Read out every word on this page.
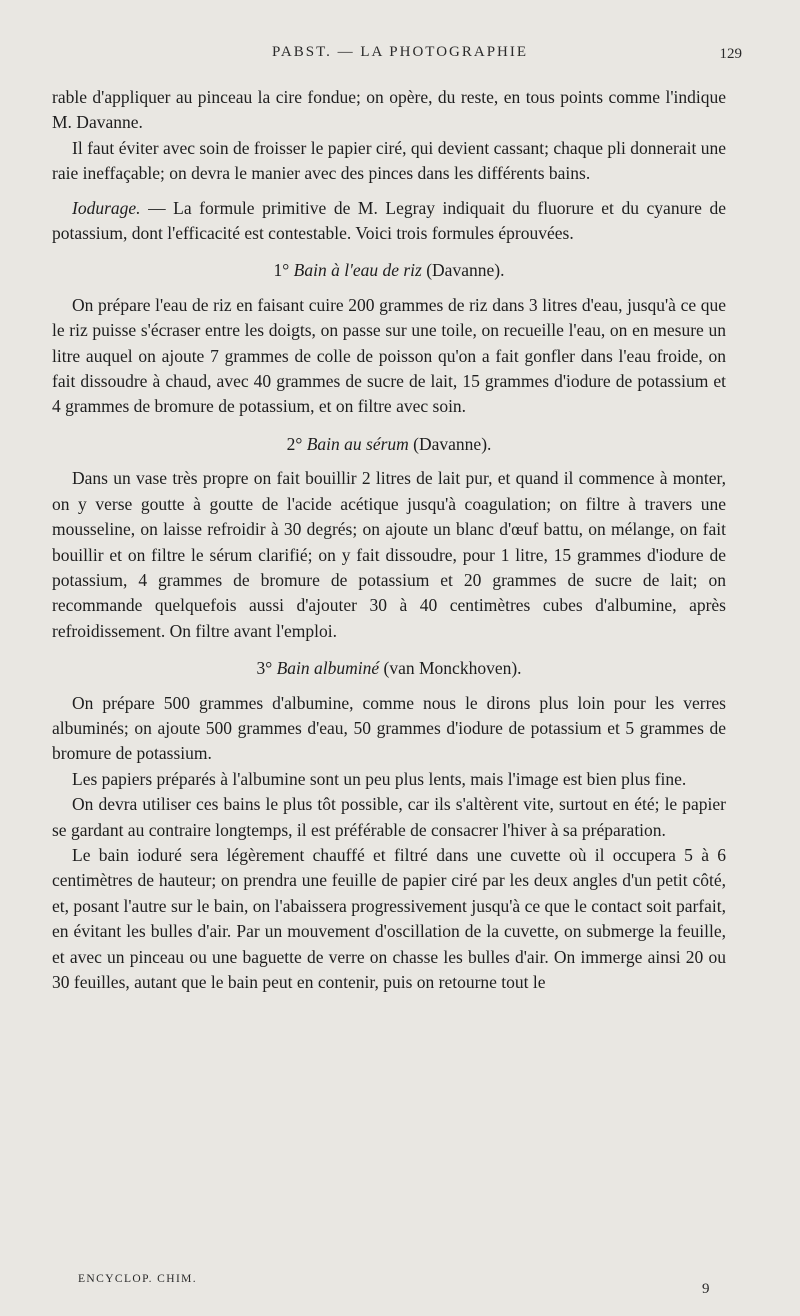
PABST. — LA PHOTOGRAPHIE	129

rable d'appliquer au pinceau la cire fondue; on opère, du reste, en tous points comme l'indique M. Davanne.

Il faut éviter avec soin de froisser le papier ciré, qui devient cassant; chaque pli donnerait une raie ineffaçable; on devra le manier avec des pinces dans les différents bains.

Iodurage. — La formule primitive de M. Legray indiquait du fluorure et du cyanure de potassium, dont l'efficacité est contestable. Voici trois formules éprouvées.

1° Bain à l'eau de riz (Davanne).

On prépare l'eau de riz en faisant cuire 200 grammes de riz dans 3 litres d'eau, jusqu'à ce que le riz puisse s'écraser entre les doigts, on passe sur une toile, on recueille l'eau, on en mesure un litre auquel on ajoute 7 grammes de colle de poisson qu'on a fait gonfler dans l'eau froide, on fait dissoudre à chaud, avec 40 grammes de sucre de lait, 15 grammes d'iodure de potassium et 4 grammes de bromure de potassium, et on filtre avec soin.

2° Bain au sérum (Davanne).

Dans un vase très propre on fait bouillir 2 litres de lait pur, et quand il commence à monter, on y verse goutte à goutte de l'acide acétique jusqu'à coagulation; on filtre à travers une mousseline, on laisse refroidir à 30 degrés; on ajoute un blanc d'œuf battu, on mélange, on fait bouillir et on filtre le sérum clarifié; on y fait dissoudre, pour 1 litre, 15 grammes d'iodure de potassium, 4 grammes de bromure de potassium et 20 grammes de sucre de lait; on recommande quelquefois aussi d'ajouter 30 à 40 centimètres cubes d'albumine, après refroidissement. On filtre avant l'emploi.

3° Bain albuminé (van Monckhoven).

On prépare 500 grammes d'albumine, comme nous le dirons plus loin pour les verres albuminés; on ajoute 500 grammes d'eau, 50 grammes d'iodure de potassium et 5 grammes de bromure de potassium.

Les papiers préparés à l'albumine sont un peu plus lents, mais l'image est bien plus fine.

On devra utiliser ces bains le plus tôt possible, car ils s'altèrent vite, surtout en été; le papier se gardant au contraire longtemps, il est préférable de consacrer l'hiver à sa préparation.

Le bain ioduré sera légèrement chauffé et filtré dans une cuvette où il occupera 5 à 6 centimètres de hauteur; on prendra une feuille de papier ciré par les deux angles d'un petit côté, et, posant l'autre sur le bain, on l'abaissera progressivement jusqu'à ce que le contact soit parfait, en évitant les bulles d'air. Par un mouvement d'oscillation de la cuvette, on submerge la feuille, et avec un pinceau ou une baguette de verre on chasse les bulles d'air. On immerge ainsi 20 ou 30 feuilles, autant que le bain peut en contenir, puis on retourne tout le

ENCYCLOP. CHIM.
9
